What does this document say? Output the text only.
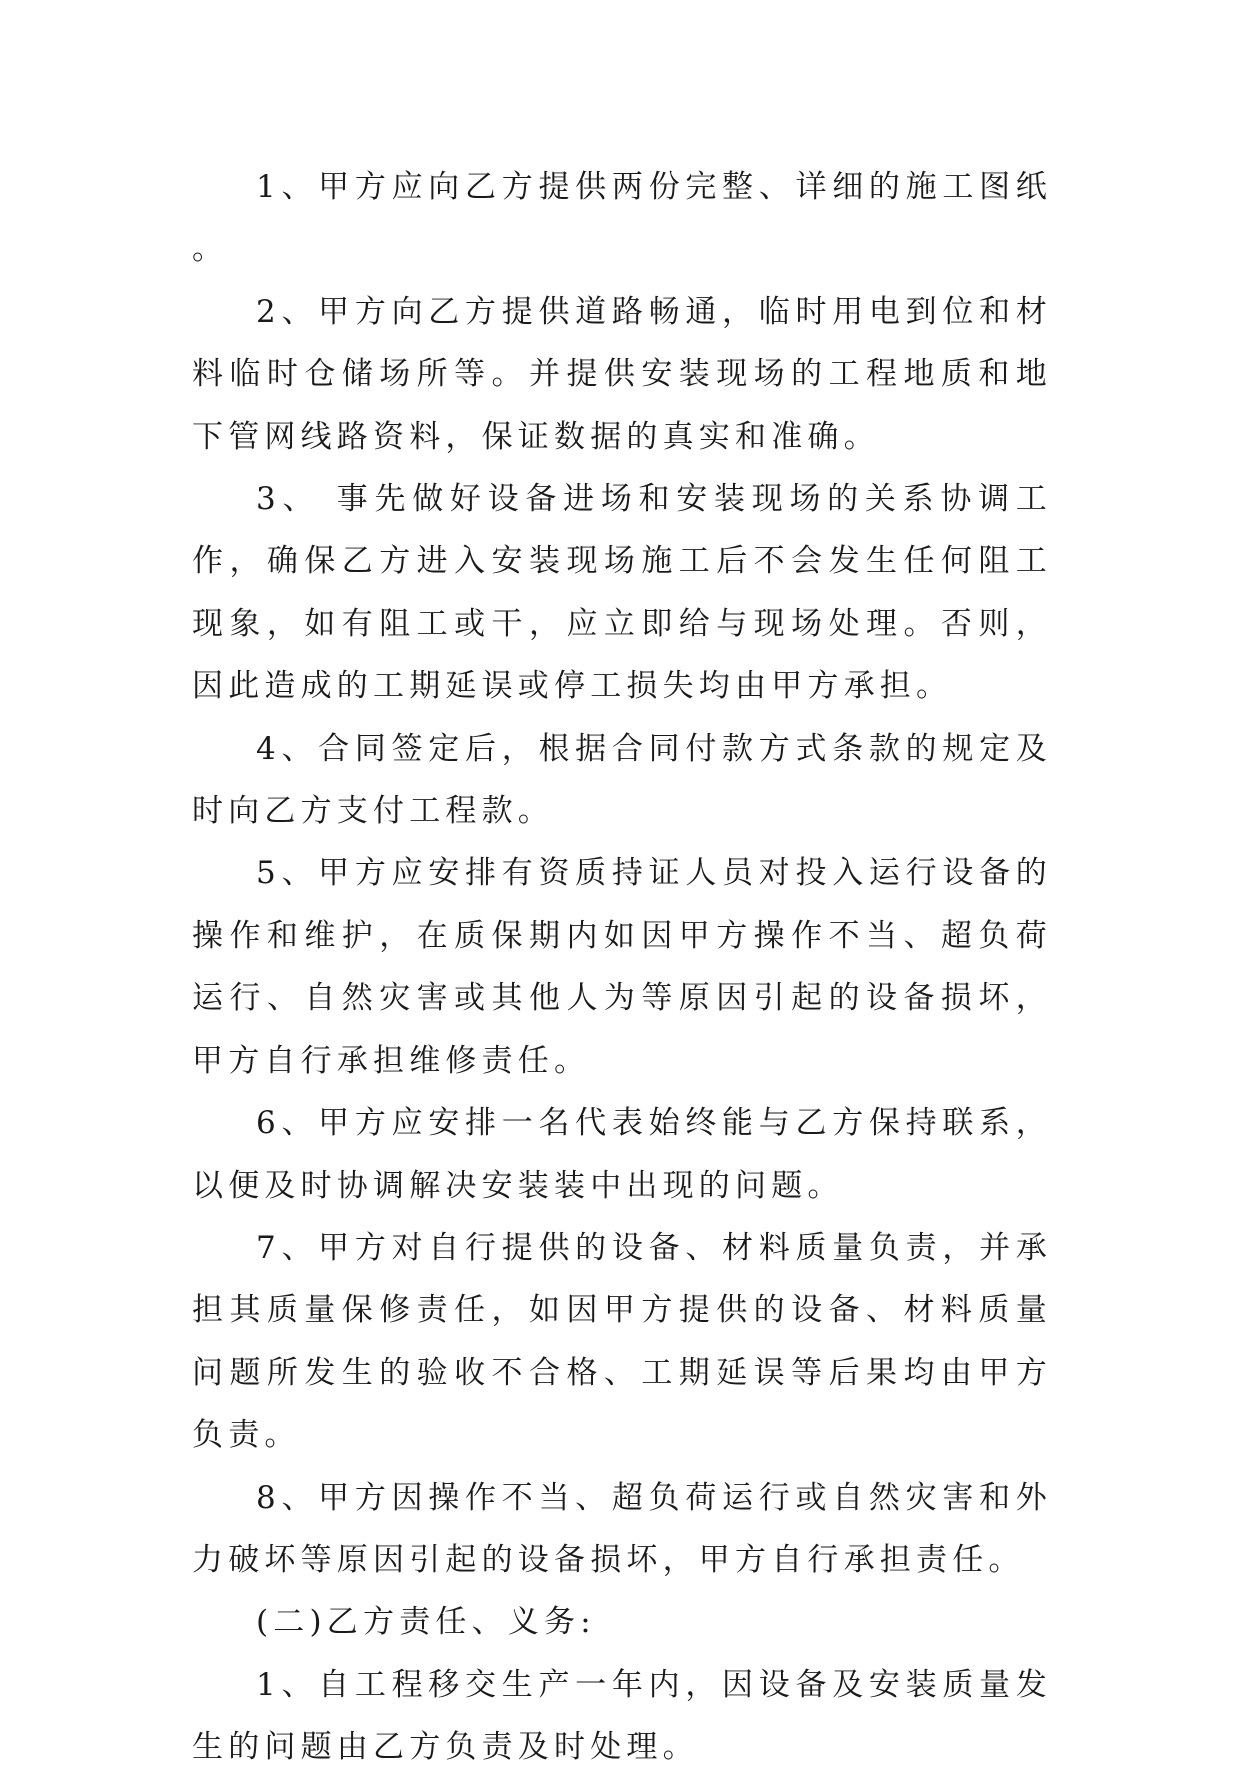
1、甲方应向乙方提供两份完整、详细的施工图纸。

2、甲方向乙方提供道路畅通，临时用电到位和材料临时仓储场所等。并提供安装现场的工程地质和地下管网线路资料，保证数据的真实和准确。

3、 事先做好设备进场和安装现场的关系协调工作，确保乙方进入安装现场施工后不会发生任何阻工现象，如有阻工或干，应立即给与现场处理。否则，因此造成的工期延误或停工损失均由甲方承担。

4、合同签定后，根据合同付款方式条款的规定及时向乙方支付工程款。

5、甲方应安排有资质持证人员对投入运行设备的操作和维护，在质保期内如因甲方操作不当、超负荷运行、自然灾害或其他人为等原因引起的设备损坏，甲方自行承担维修责任。

6、甲方应安排一名代表始终能与乙方保持联系，以便及时协调解决安装装中出现的问题。

7、甲方对自行提供的设备、材料质量负责，并承担其质量保修责任，如因甲方提供的设备、材料质量问题所发生的验收不合格、工期延误等后果均由甲方负责。

8、甲方因操作不当、超负荷运行或自然灾害和外力破坏等原因引起的设备损坏，甲方自行承担责任。

(二)乙方责任、义务:

1、自工程移交生产一年内，因设备及安装质量发生的问题由乙方负责及时处理。
